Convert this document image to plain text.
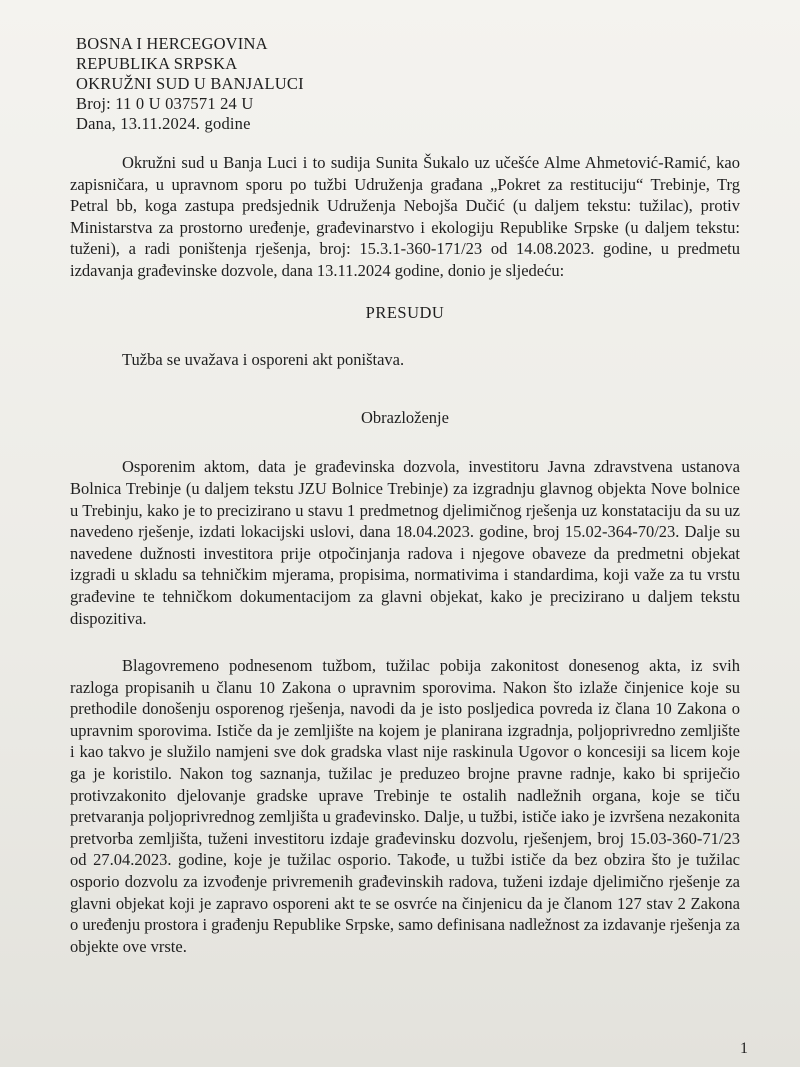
BOSNA I HERCEGOVINA
REPUBLIKA SRPSKA
OKRUŽNI SUD U BANJALUCI
Broj: 11 0 U 037571 24 U
Dana, 13.11.2024. godine

Okružni sud u Banja Luci i to sudija Sunita Šukalo uz učešće Alme Ahmetović-Ramić, kao zapisničara, u upravnom sporu po tužbi Udruženja građana „Pokret za restituciju“ Trebinje, Trg Petral bb, koga zastupa predsjednik Udruženja Nebojša Dučić (u daljem tekstu: tužilac), protiv Ministarstva za prostorno uređenje, građevinarstvo i ekologiju Republike Srpske (u daljem tekstu: tuženi), a radi poništenja rješenja, broj: 15.3.1-360-171/23 od 14.08.2023. godine, u predmetu izdavanja građevinske dozvole, dana 13.11.2024 godine, donio je sljedeću:

PRESUDU

Tužba se uvažava i osporeni akt poništava.

Obrazloženje

Osporenim aktom, data je građevinska dozvola, investitoru Javna zdravstvena ustanova Bolnica Trebinje (u daljem tekstu JZU Bolnice Trebinje) za izgradnju glavnog objekta Nove bolnice u Trebinju, kako je to precizirano u stavu 1 predmetnog djelimičnog rješenja uz konstataciju da su uz navedeno rješenje, izdati lokacijski uslovi, dana 18.04.2023. godine, broj 15.02-364-70/23. Dalje su navedene dužnosti investitora prije otpočinjanja radova i njegove obaveze da predmetni objekat izgradi u skladu sa tehničkim mjerama, propisima, normativima i standardima, koji važe za tu vrstu građevine te tehničkom dokumentacijom za glavni objekat, kako je precizirano u daljem tekstu dispozitiva.

Blagovremeno podnesenom tužbom, tužilac pobija zakonitost donesenog akta, iz svih razloga propisanih u članu 10 Zakona o upravnim sporovima. Nakon što izlaže činjenice koje su prethodile donošenju osporenog rješenja, navodi da je isto posljedica povreda iz člana 10 Zakona o upravnim sporovima. Ističe da je zemljište na kojem je planirana izgradnja, poljoprivredno zemljište i kao takvo je služilo namjeni sve dok gradska vlast nije raskinula Ugovor o koncesiji sa licem koje ga je koristilo. Nakon tog saznanja, tužilac je preduzeo brojne pravne radnje, kako bi spriječio protivzakonito djelovanje gradske uprave Trebinje te ostalih nadležnih organa, koje se tiču pretvaranja poljoprivrednog zemljišta u građevinsko. Dalje, u tužbi, ističe iako je izvršena nezakonita pretvorba zemljišta, tuženi investitoru izdaje građevinsku dozvolu, rješenjem, broj 15.03-360-71/23 od 27.04.2023. godine, koje je tužilac osporio. Takođe, u tužbi ističe da bez obzira što je tužilac osporio dozvolu za izvođenje privremenih građevinskih radova, tuženi izdaje djelimično rješenje za glavni objekat koji je zapravo osporeni akt te se osvrće na činjenicu da je članom 127 stav 2 Zakona o uređenju prostora i građenju Republike Srpske, samo definisana nadležnost za izdavanje rješenja za objekte ove vrste.

1
